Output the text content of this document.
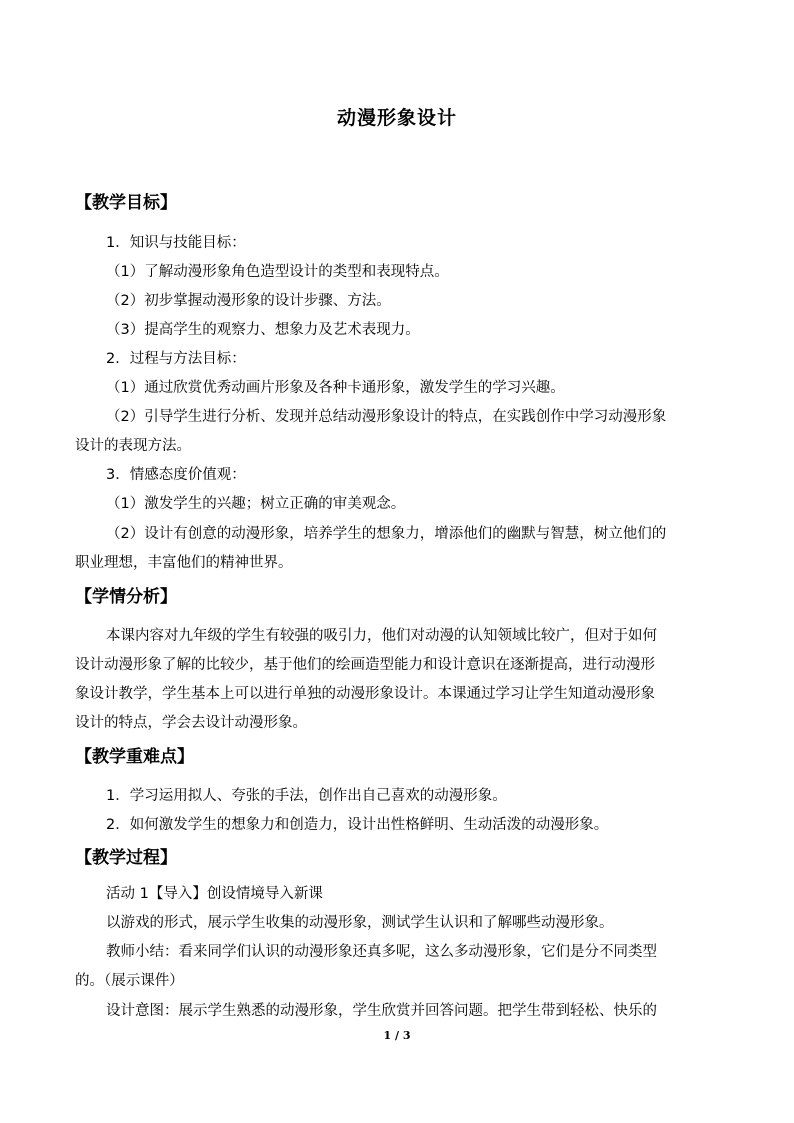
动漫形象设计
【教学目标】
1．知识与技能目标：
（1）了解动漫形象角色造型设计的类型和表现特点。
（2）初步掌握动漫形象的设计步骤、方法。
（3）提高学生的观察力、想象力及艺术表现力。
2．过程与方法目标：
（1）通过欣赏优秀动画片形象及各种卡通形象，激发学生的学习兴趣。
（2）引导学生进行分析、发现并总结动漫形象设计的特点，在实践创作中学习动漫形象
设计的表现方法。
3．情感态度价值观：
（1）激发学生的兴趣；树立正确的审美观念。
（2）设计有创意的动漫形象，培养学生的想象力，增添他们的幽默与智慧，树立他们的
职业理想，丰富他们的精神世界。
【学情分析】
本课内容对九年级的学生有较强的吸引力，他们对动漫的认知领域比较广，但对于如何
设计动漫形象了解的比较少，基于他们的绘画造型能力和设计意识在逐渐提高，进行动漫形
象设计教学，学生基本上可以进行单独的动漫形象设计。本课通过学习让学生知道动漫形象
设计的特点，学会去设计动漫形象。
【教学重难点】
1．学习运用拟人、夸张的手法，创作出自己喜欢的动漫形象。
2．如何激发学生的想象力和创造力，设计出性格鲜明、生动活泼的动漫形象。
【教学过程】
活动 1【导入】创设情境导入新课
以游戏的形式，展示学生收集的动漫形象，测试学生认识和了解哪些动漫形象。
教师小结：看来同学们认识的动漫形象还真多呢，这么多动漫形象，它们是分不同类型
的。（展示课件）
设计意图：展示学生熟悉的动漫形象，学生欣赏并回答问题。把学生带到轻松、快乐的
1 / 3
